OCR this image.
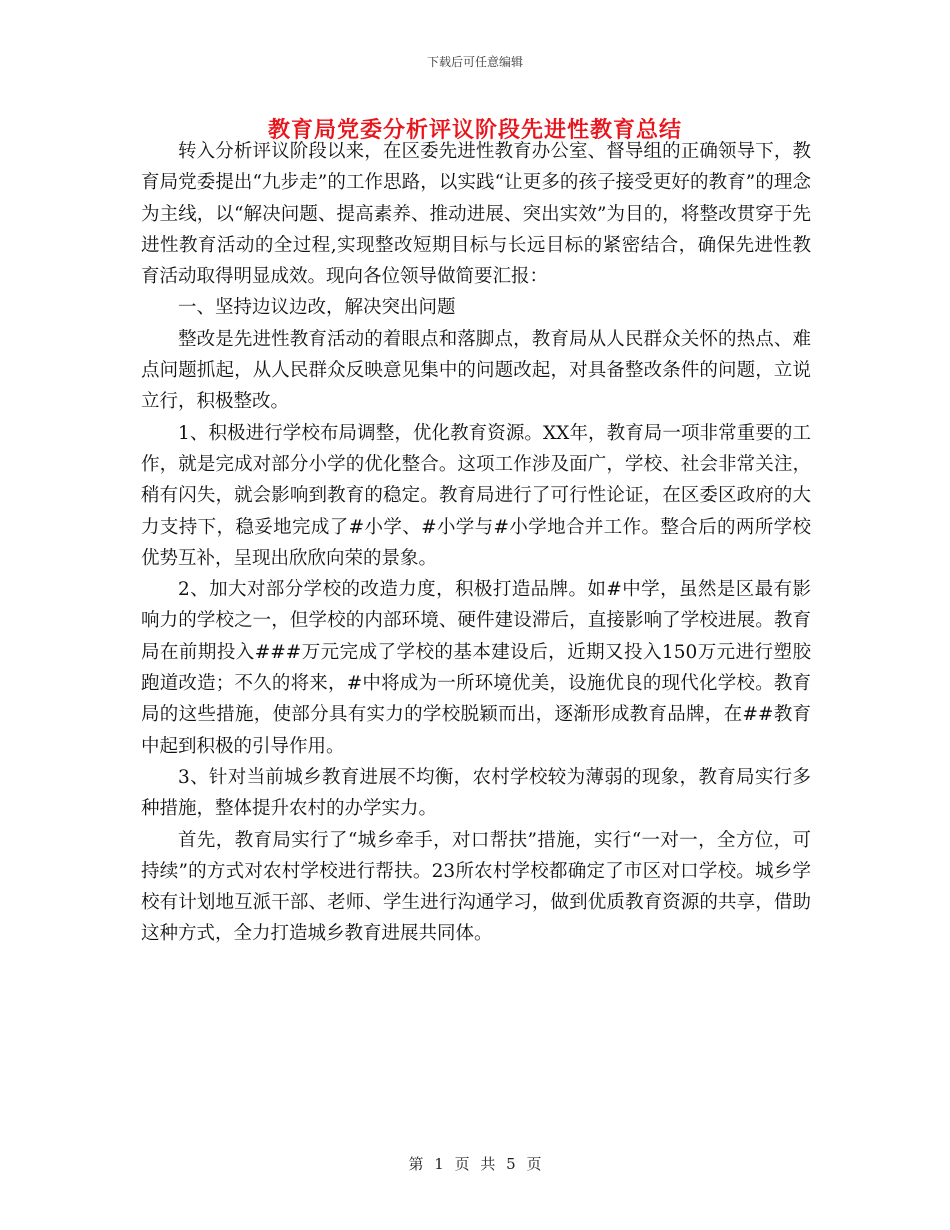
下载后可任意编辑
教育局党委分析评议阶段先进性教育总结

转入分析评议阶段以来，在区委先进性教育办公室、督导组的正确领导下，教育局党委提出“九步走”的工作思路，以实践“让更多的孩子接受更好的教育”的理念为主线，以“解决问题、提高素养、推动进展、突出实效”为目的，将整改贯穿于先进性教育活动的全过程,实现整改短期目标与长远目标的紧密结合，确保先进性教育活动取得明显成效。现向各位领导做简要汇报：

一、坚持边议边改，解决突出问题

整改是先进性教育活动的着眼点和落脚点，教育局从人民群众关怀的热点、难点问题抓起，从人民群众反映意见集中的问题改起，对具备整改条件的问题，立说立行，积极整改。

1、积极进行学校布局调整，优化教育资源。XX年，教育局一项非常重要的工作，就是完成对部分小学的优化整合。这项工作涉及面广，学校、社会非常关注，稍有闪失，就会影响到教育的稳定。教育局进行了可行性论证，在区委区政府的大力支持下，稳妥地完成了#小学、#小学与#小学地合并工作。整合后的两所学校优势互补，呈现出欣欣向荣的景象。

2、加大对部分学校的改造力度，积极打造品牌。如#中学，虽然是区最有影响力的学校之一，但学校的内部环境、硬件建设滞后，直接影响了学校进展。教育局在前期投入###万元完成了学校的基本建设后，近期又投入150万元进行塑胶跑道改造；不久的将来，#中将成为一所环境优美，设施优良的现代化学校。教育局的这些措施，使部分具有实力的学校脱颖而出，逐渐形成教育品牌，在##教育中起到积极的引导作用。

3、针对当前城乡教育进展不均衡，农村学校较为薄弱的现象，教育局实行多种措施，整体提升农村的办学实力。

首先，教育局实行了“城乡牵手，对口帮扶”措施，实行“一对一，全方位，可持续”的方式对农村学校进行帮扶。23所农村学校都确定了市区对口学校。城乡学校有计划地互派干部、老师、学生进行沟通学习，做到优质教育资源的共享，借助这种方式，全力打造城乡教育进展共同体。

第 1 页 共 5 页
